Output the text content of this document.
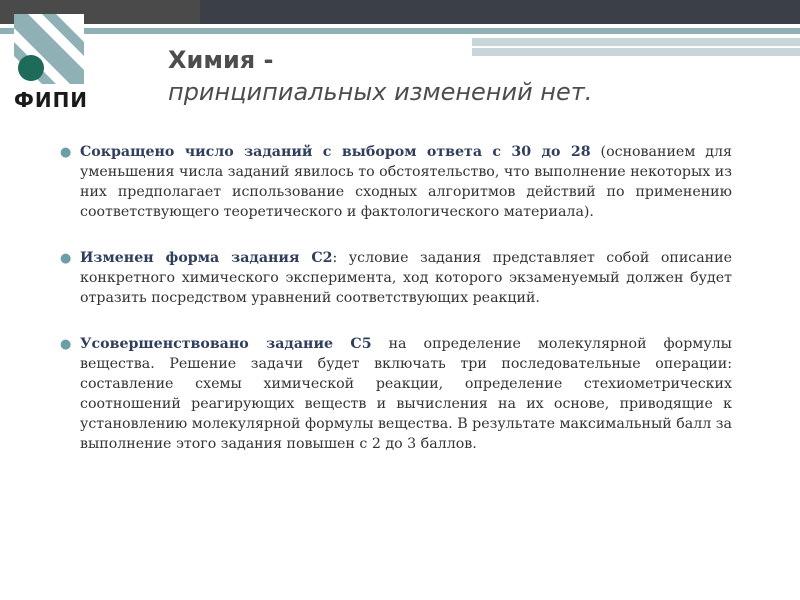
ФИПИ
Химия -
принципиальных изменений нет.

● Сокращено число заданий с выбором ответа с 30 до 28 (основанием для уменьшения числа заданий явилось то обстоятельство, что выполнение некоторых из них предполагает использование сходных алгоритмов действий по применению соответствующего теоретического и фактологического материала).

● Изменен форма задания С2: условие задания представляет собой описание конкретного химического эксперимента, ход которого экзаменуемый должен будет отразить посредством уравнений соответствующих реакций.

● Усовершенствовано задание С5 на определение молекулярной формулы вещества. Решение задачи будет включать три последовательные операции: составление схемы химической реакции, определение стехиометрических соотношений реагирующих веществ и вычисления на их основе, приводящие к установлению молекулярной формулы вещества. В результате максимальный балл за выполнение этого задания повышен с 2 до 3 баллов.
